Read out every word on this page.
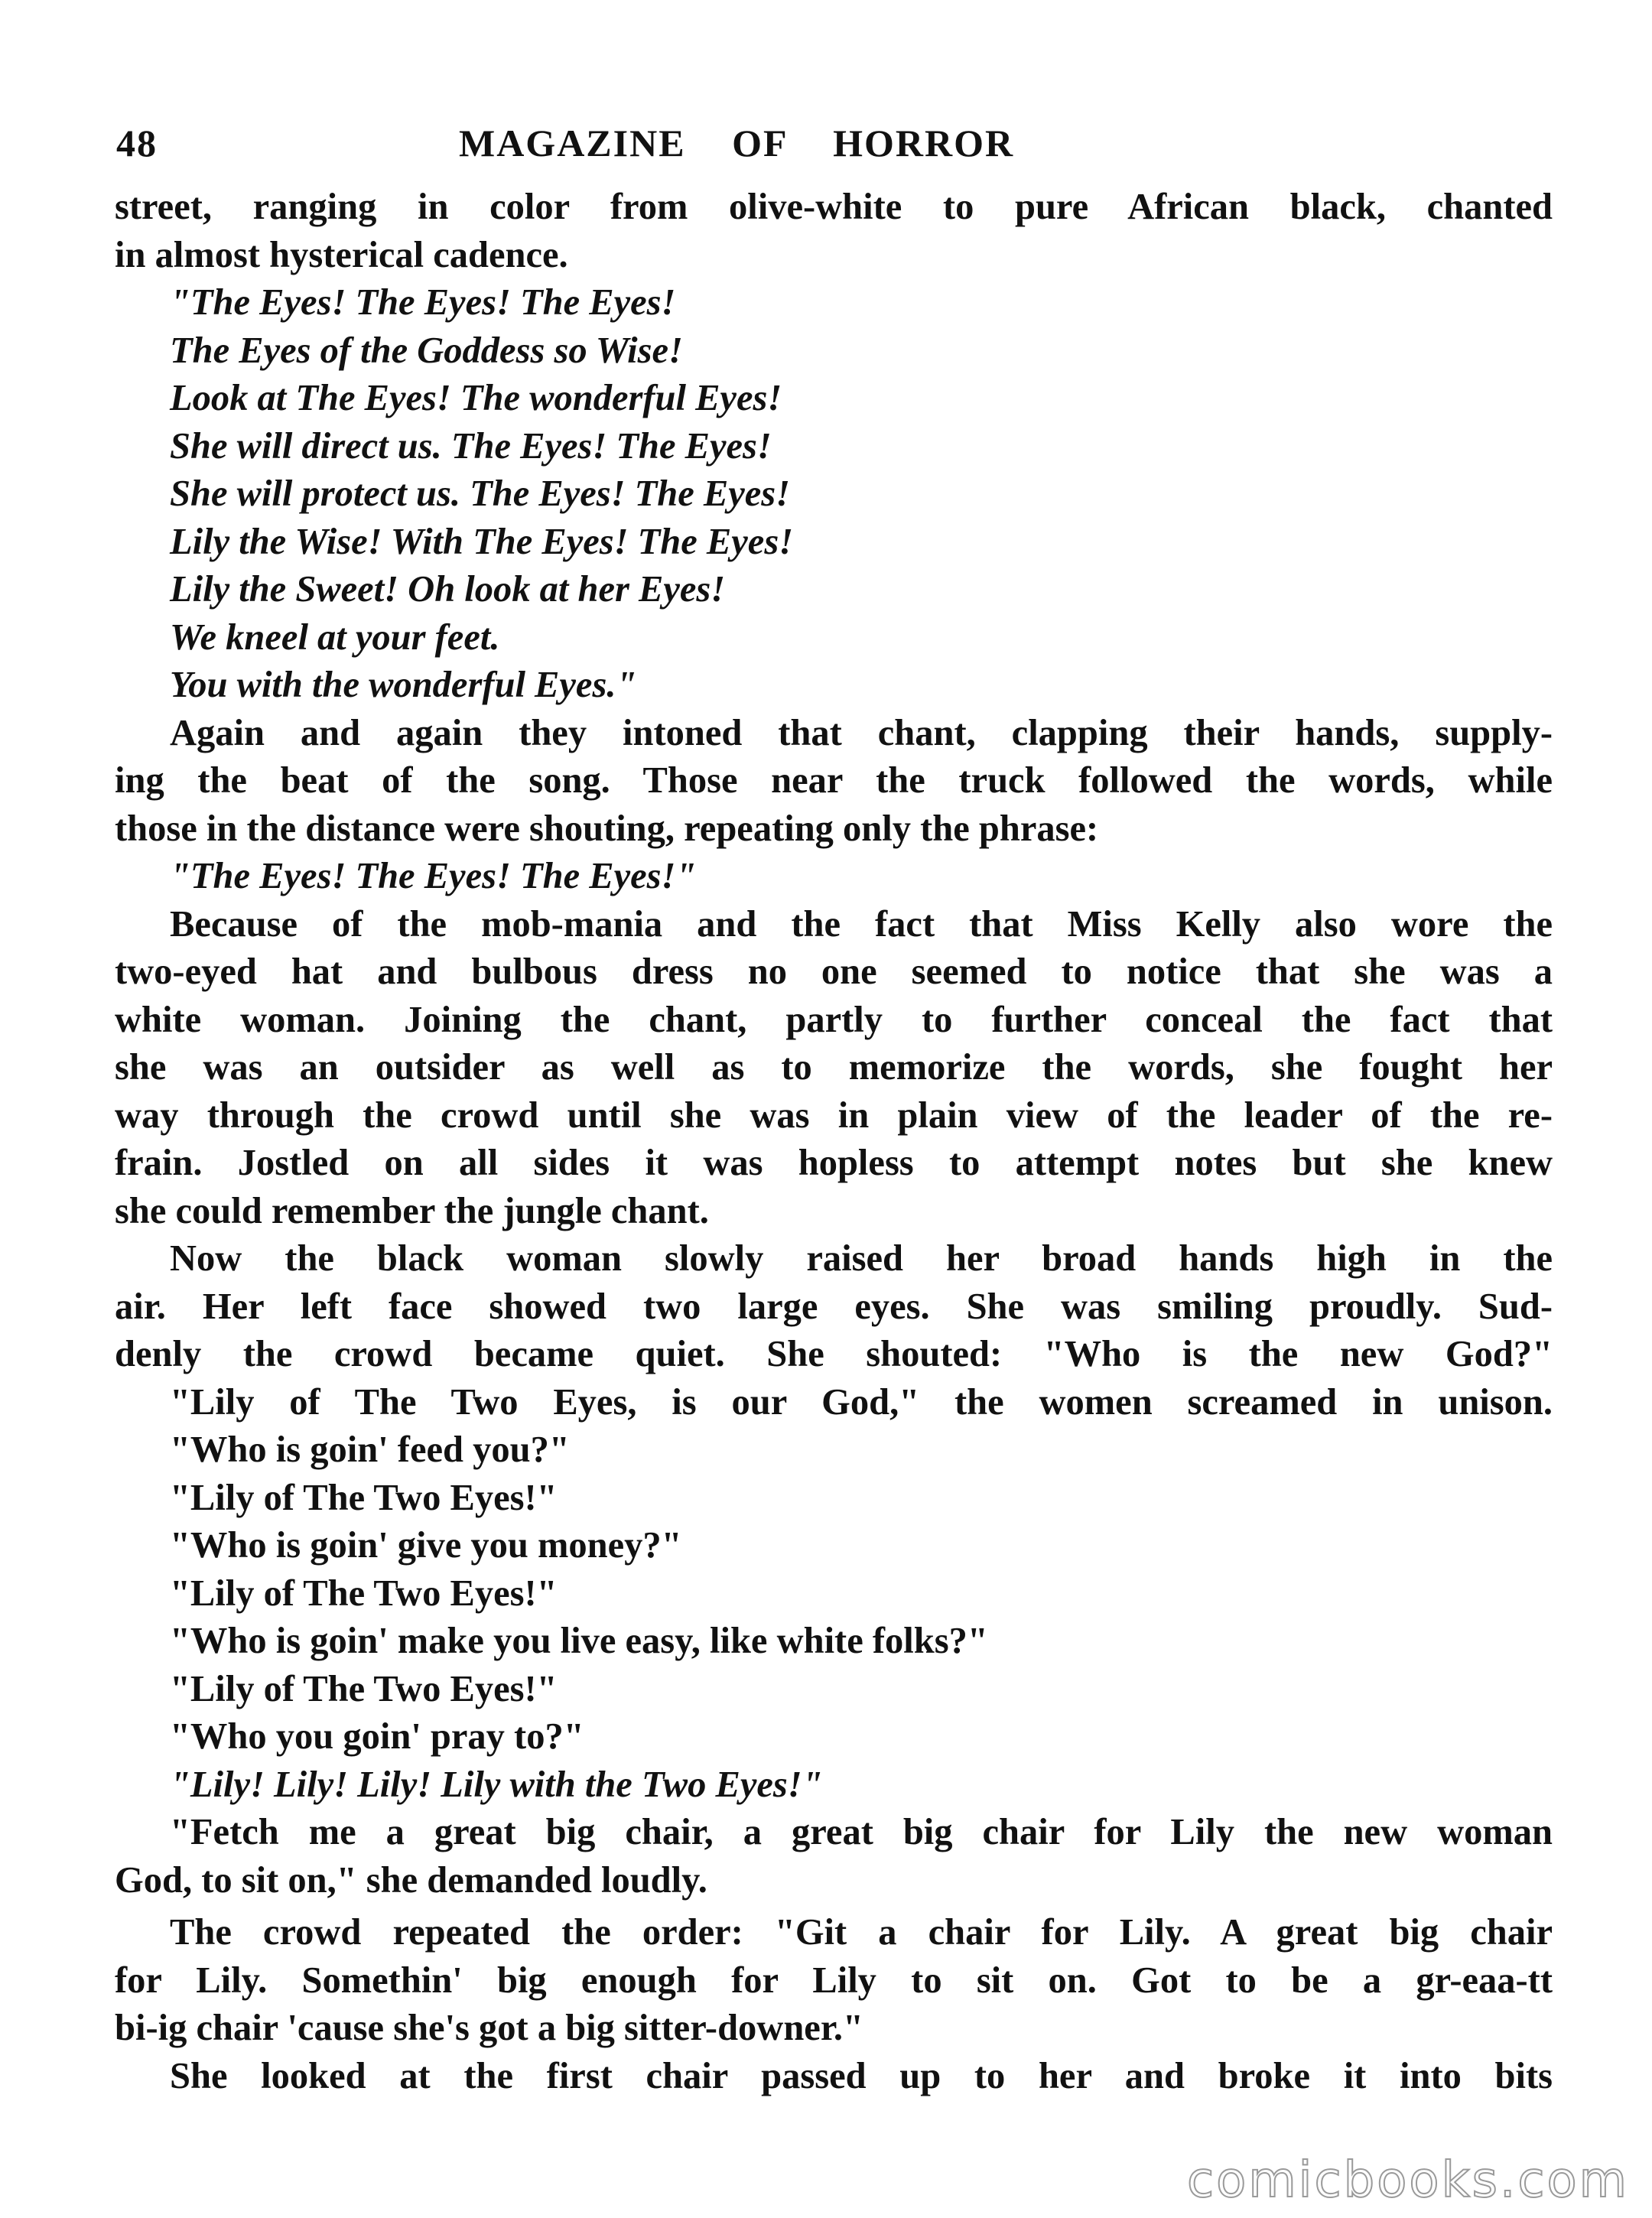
48	MAGAZINE OF HORROR
street, ranging in color from olive-white to pure African black, chanted
in almost hysterical cadence.
"The Eyes! The Eyes! The Eyes!
The Eyes of the Goddess so Wise!
Look at The Eyes! The wonderful Eyes!
She will direct us. The Eyes! The Eyes!
She will protect us. The Eyes! The Eyes!
Lily the Wise! With The Eyes! The Eyes!
Lily the Sweet! Oh look at her Eyes!
We kneel at your feet.
You with the wonderful Eyes."
Again and again they intoned that chant, clapping their hands, supply-
ing the beat of the song. Those near the truck followed the words, while
those in the distance were shouting, repeating only the phrase:
"The Eyes! The Eyes! The Eyes!"
Because of the mob-mania and the fact that Miss Kelly also wore the
two-eyed hat and bulbous dress no one seemed to notice that she was a
white woman. Joining the chant, partly to further conceal the fact that
she was an outsider as well as to memorize the words, she fought her
way through the crowd until she was in plain view of the leader of the re-
frain. Jostled on all sides it was hopless to attempt notes but she knew
she could remember the jungle chant.
Now the black woman slowly raised her broad hands high in the
air. Her left face showed two large eyes. She was smiling proudly. Sud-
denly the crowd became quiet. She shouted: "Who is the new God?"
"Lily of The Two Eyes, is our God," the women screamed in unison.
"Who is goin' feed you?"
"Lily of The Two Eyes!"
"Who is goin' give you money?"
"Lily of The Two Eyes!"
"Who is goin' make you live easy, like white folks?"
"Lily of The Two Eyes!"
"Who you goin' pray to?"
"Lily! Lily! Lily! Lily with the Two Eyes!"
"Fetch me a great big chair, a great big chair for Lily the new woman
God, to sit on," she demanded loudly.
The crowd repeated the order: "Git a chair for Lily. A great big chair
for Lily. Somethin' big enough for Lily to sit on. Got to be a gr-eaa-tt
bi-ig chair 'cause she's got a big sitter-downer."
She looked at the first chair passed up to her and broke it into bits
comicbooks.com
